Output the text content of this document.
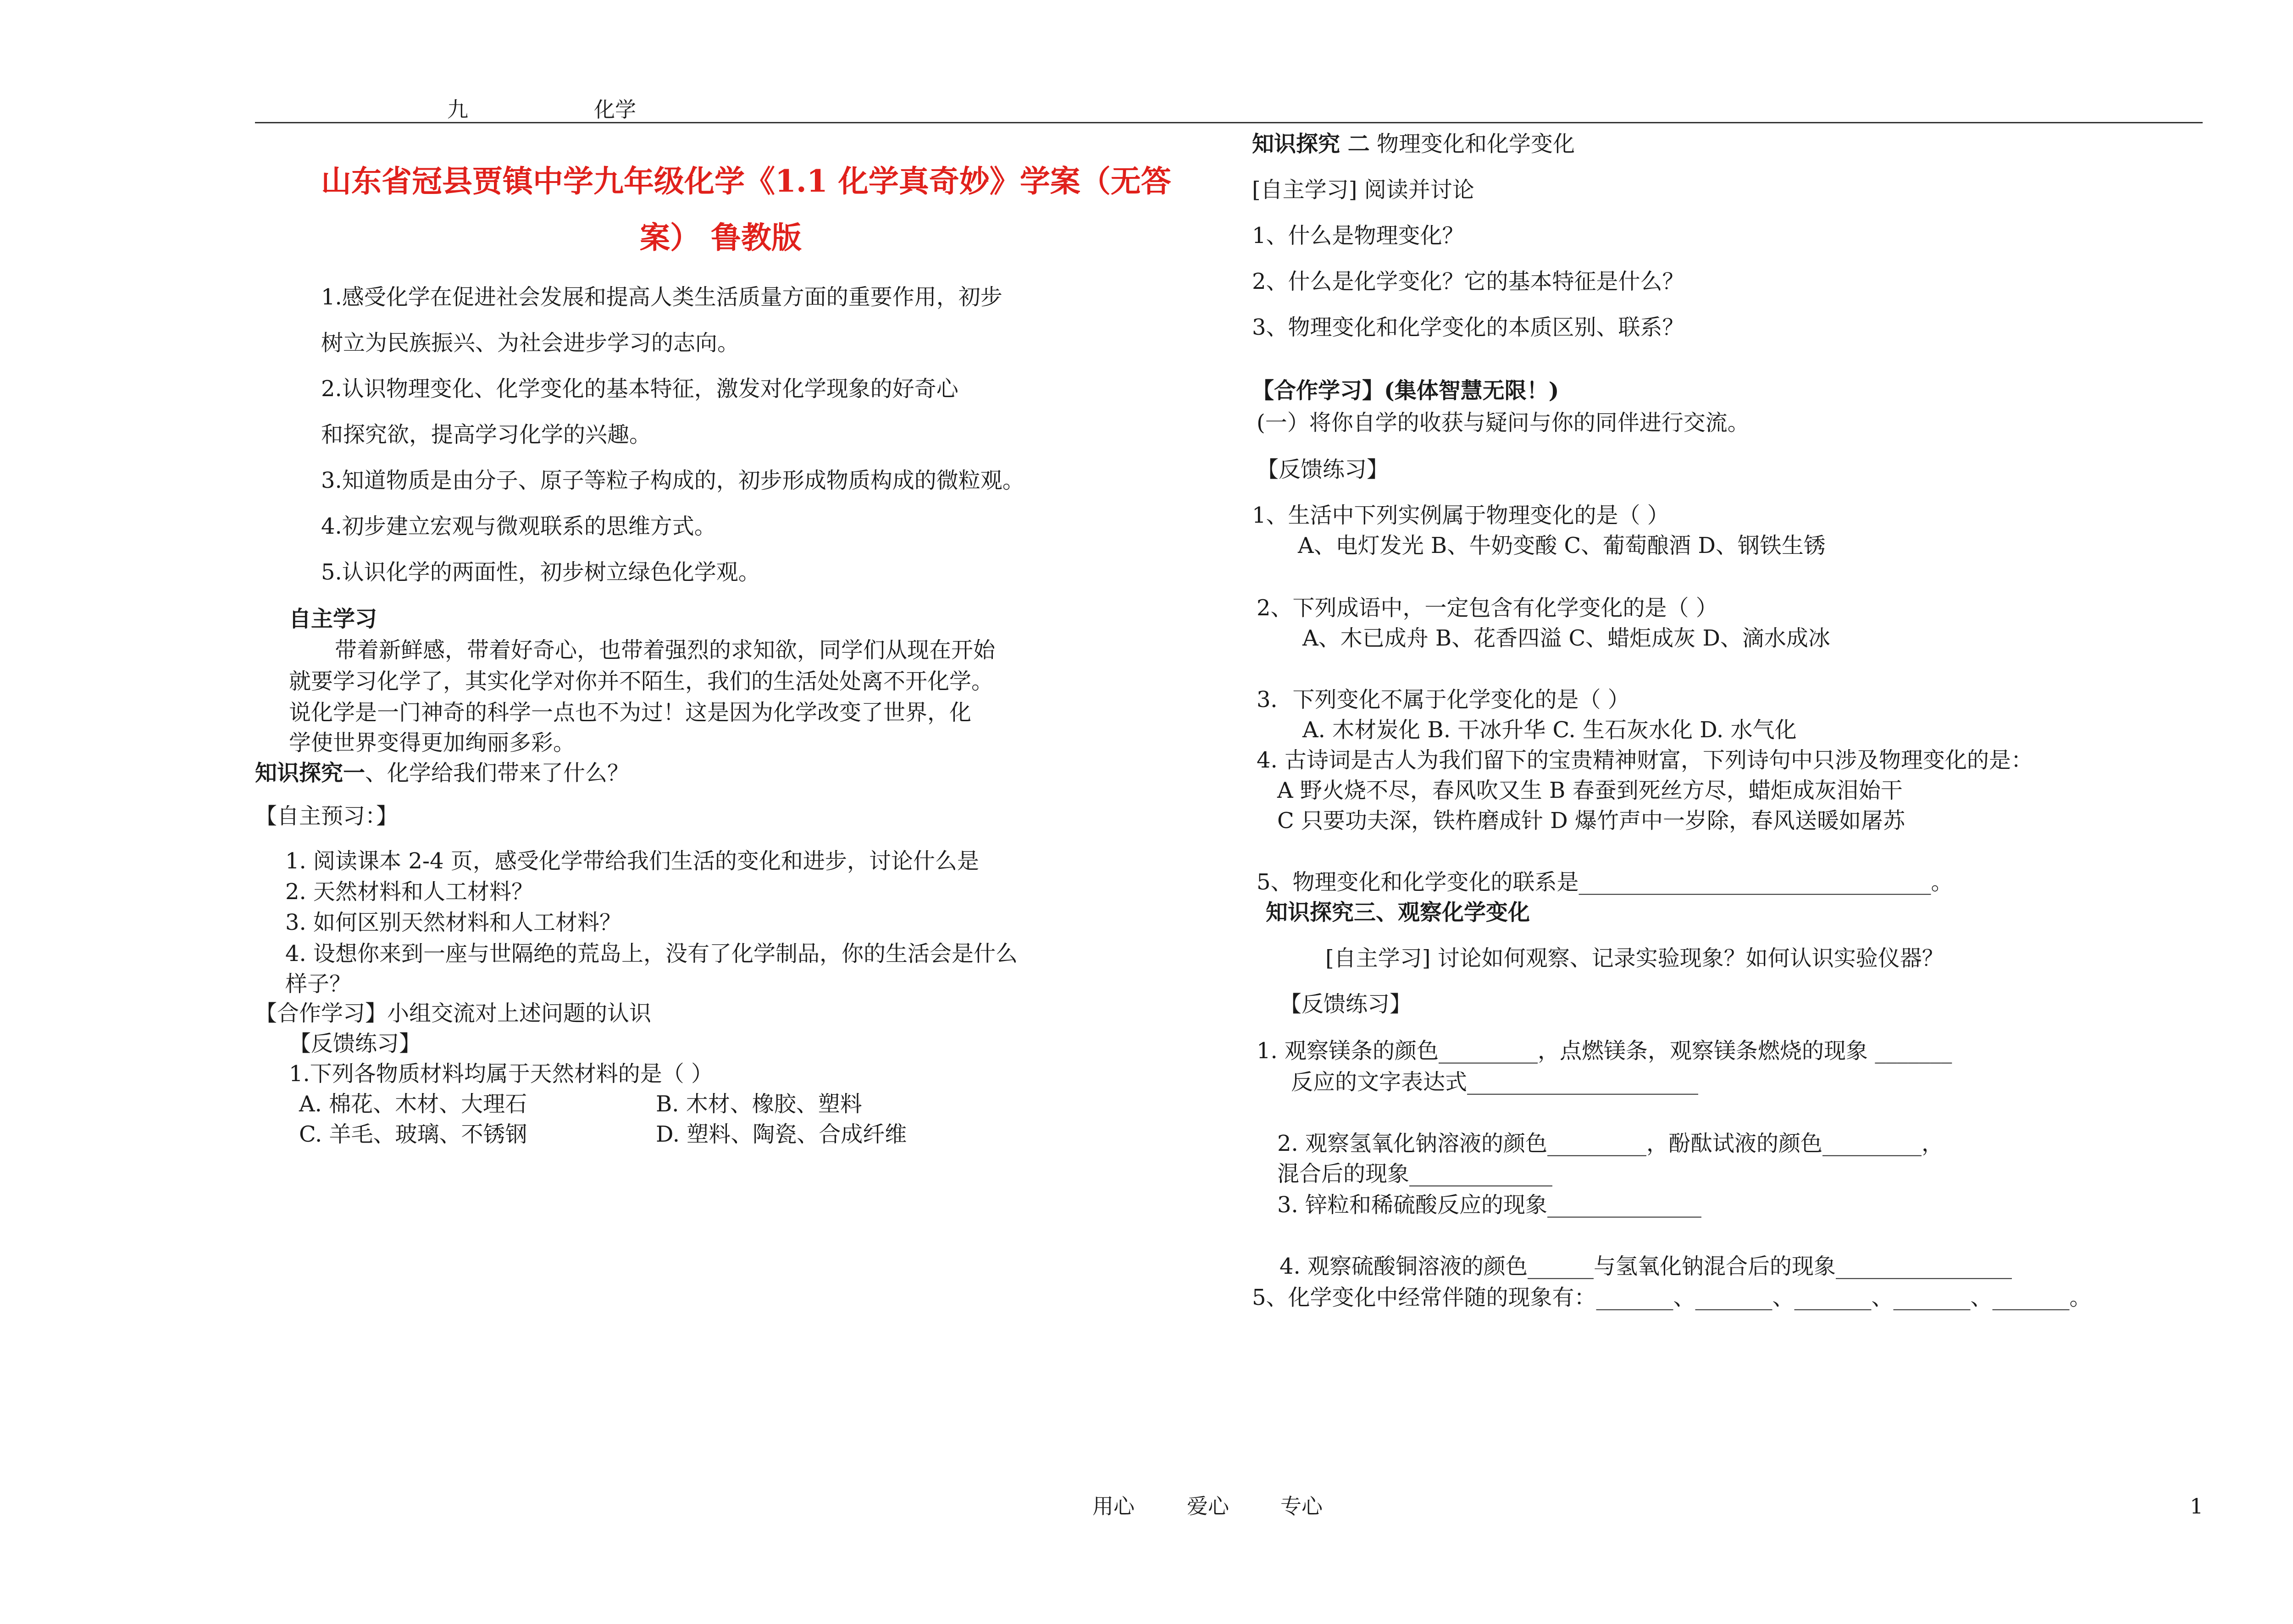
九	化学
山东省冠县贾镇中学九年级化学《1.1 化学真奇妙》学案（无答
案） 鲁教版
1.感受化学在促进社会发展和提高人类生活质量方面的重要作用，初步
树立为民族振兴、为社会进步学习的志向。
2.认识物理变化、化学变化的基本特征，激发对化学现象的好奇心
和探究欲，提高学习化学的兴趣。
3.知道物质是由分子、原子等粒子构成的，初步形成物质构成的微粒观。
4.初步建立宏观与微观联系的思维方式。
5.认识化学的两面性，初步树立绿色化学观。
自主学习
带着新鲜感，带着好奇心，也带着强烈的求知欲，同学们从现在开始
就要学习化学了，其实化学对你并不陌生，我们的生活处处离不开化学。
说化学是一门神奇的科学一点也不为过！这是因为化学改变了世界，化
学使世界变得更加绚丽多彩。
知识探究一、化学给我们带来了什么？
【自主预习：】
1. 阅读课本 2-4 页，感受化学带给我们生活的变化和进步，讨论什么是
2. 天然材料和人工材料？
3. 如何区别天然材料和人工材料？
4. 设想你来到一座与世隔绝的荒岛上，没有了化学制品，你的生活会是什么
样子？
【合作学习】小组交流对上述问题的认识
【反馈练习】
1.下列各物质材料均属于天然材料的是（ ）
A. 棉花、木材、大理石	B. 木材、橡胶、塑料
C. 羊毛、玻璃、不锈钢	D. 塑料、陶瓷、合成纤维
知识探究 二 物理变化和化学变化
[自主学习] 阅读并讨论
1、什么是物理变化？
2、什么是化学变化？它的基本特征是什么？
3、物理变化和化学变化的本质区别、联系？
【合作学习】(集体智慧无限！)
(一）将你自学的收获与疑问与你的同伴进行交流。
【反馈练习】
1、生活中下列实例属于物理变化的是（ ）
A、电灯发光 B、牛奶变酸 C、葡萄酿酒 D、钢铁生锈
2、下列成语中，一定包含有化学变化的是（ ）
A、木已成舟 B、花香四溢 C、蜡炬成灰 D、滴水成冰
3．下列变化不属于化学变化的是（ ）
A. 木材炭化 B. 干冰升华 C. 生石灰水化 D. 水气化
4. 古诗词是古人为我们留下的宝贵精神财富，下列诗句中只涉及物理变化的是：
A 野火烧不尽，春风吹又生 B 春蚕到死丝方尽，蜡炬成灰泪始干
C 只要功夫深，铁杵磨成针 D 爆竹声中一岁除，春风送暖如屠苏
5、物理变化和化学变化的联系是________________________________。
知识探究三、观察化学变化
[自主学习] 讨论如何观察、记录实验现象？如何认识实验仪器？
【反馈练习】
1. 观察镁条的颜色_________，点燃镁条，观察镁条燃烧的现象 _______
反应的文字表达式_____________________
2. 观察氢氧化钠溶液的颜色_________，酚酞试液的颜色_________，
混合后的现象_____________
3. 锌粒和稀硫酸反应的现象______________
4. 观察硫酸铜溶液的颜色______与氢氧化钠混合后的现象________________
5、化学变化中经常伴随的现象有：_______、_______、_______、_______、_______。
用心 爱心 专心	1
